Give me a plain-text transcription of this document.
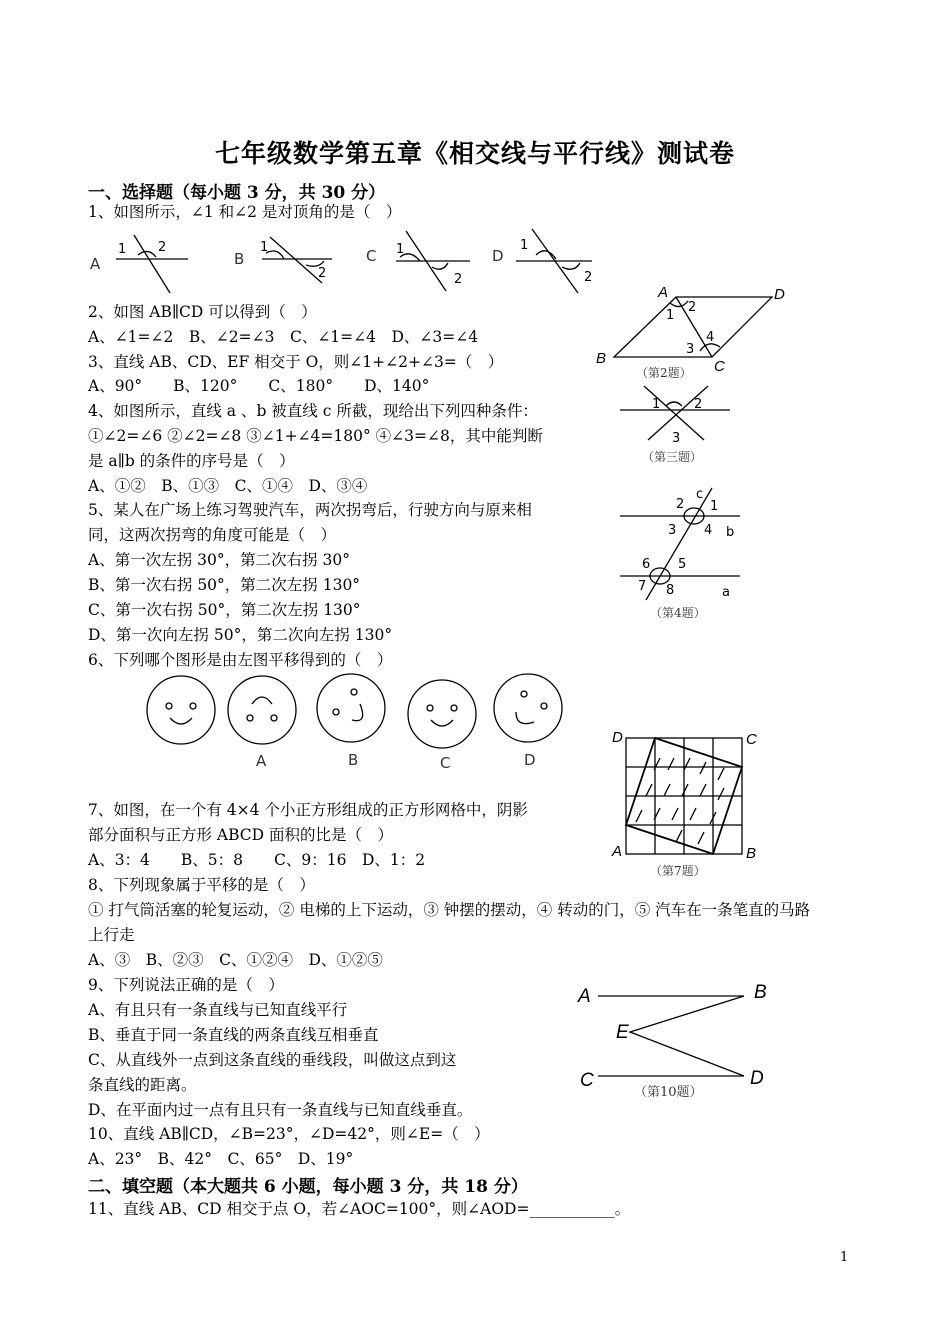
七年级数学第五章《相交线与平行线》测试卷
一、选择题（每小题 3 分，共 30 分）
1、如图所示，∠1 和∠2 是对顶角的是（　）
A	B	C	D
1 2	1
2
1
2
1
2
2、如图 AB∥CD 可以得到（　）
A、∠1=∠2　B、∠2=∠3　C、∠1=∠4　D、∠3=∠4
A
B	C
D
1
2
3
4
（第2题）
3、直线 AB、CD、EF 相交于 O，则∠1+∠2+∠3=（　）
A、90°　　B、120°　　C、180°　　D、140°
1	2
3
（第三题）
4、如图所示，直线 a 、b 被直线 c 所截，现给出下列四种条件：
①∠2=∠6 ②∠2=∠8 ③∠1+∠4=180° ④∠3=∠8，其中能判断
是 a∥b 的条件的序号是（　）
A、①②　B、①③　C、①④　D、③④	c
2 1
3 4 b
6 5
7 8	a
（第4题）
5、某人在广场上练习驾驶汽车，两次拐弯后，行驶方向与原来相
同，这两次拐弯的角度可能是（　）
A、第一次左拐 30°，第二次右拐 30°
B、第一次右拐 50°，第二次左拐 130°
C、第一次右拐 50°，第二次左拐 130°
D、第一次向左拐 50°，第二次向左拐 130°
6、下列哪个图形是由左图平移得到的（　）
A	B	C	D
7、如图，在一个有 4×4 个小正方形组成的正方形网格中，阴影
部分面积与正方形 ABCD 面积的比是（　）
A、3：4　　B、5：8　　C、9：16　D、1：2
D	C
A	B
（第7题）
8、下列现象属于平移的是（　）
① 打气筒活塞的轮复运动，② 电梯的上下运动，③ 钟摆的摆动，④ 转动的门，⑤ 汽车在一条笔直的马路
上行走
A、③　B、②③　C、①②④　D、①②⑤
9、下列说法正确的是（　）
A、有且只有一条直线与已知直线平行
B、垂直于同一条直线的两条直线互相垂直
C、从直线外一点到这条直线的垂线段，叫做这点到这
条直线的距离。
D、在平面内过一点有且只有一条直线与已知直线垂直。
A	B
E
C	D
（第10题）
10、直线 AB∥CD，∠B=23°，∠D=42°，则∠E=（　）
A、23°　B、42°　C、65°　D、19°
二、填空题（本大题共 6 小题，每小题 3 分，共 18 分）
11、直线 AB、CD 相交于点 O，若∠AOC=100°，则∠AOD=___________。
1
